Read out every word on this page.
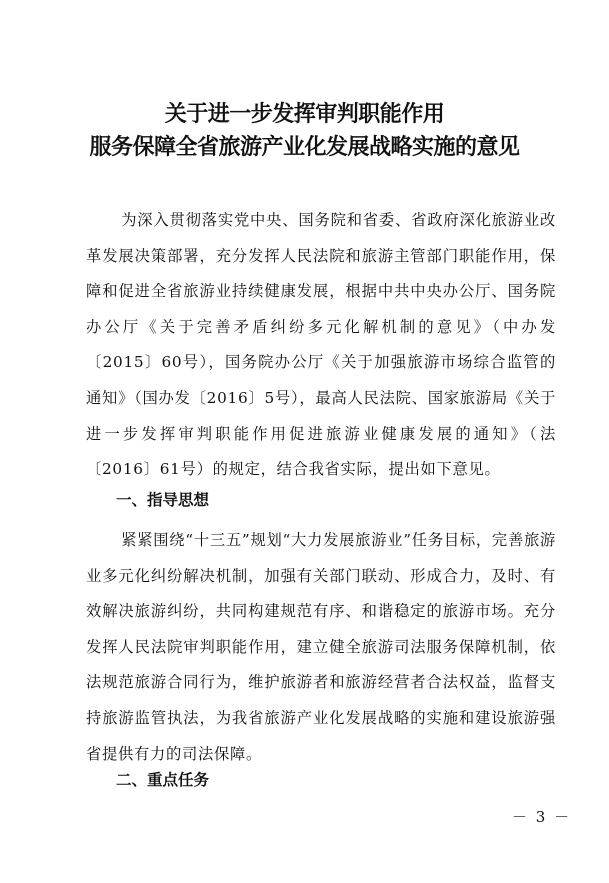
关于进一步发挥审判职能作用
服务保障全省旅游产业化发展战略实施的意见

为深入贯彻落实党中央、国务院和省委、省政府深化旅游业改革发展决策部署，充分发挥人民法院和旅游主管部门职能作用，保障和促进全省旅游业持续健康发展，根据中共中央办公厅、国务院办公厅《关于完善矛盾纠纷多元化解机制的意见》（中办发〔2015〕60号），国务院办公厅《关于加强旅游市场综合监管的通知》（国办发〔2016〕5号），最高人民法院、国家旅游局《关于进一步发挥审判职能作用促进旅游业健康发展的通知》（法〔2016〕61号）的规定，结合我省实际，提出如下意见。

一、指导思想

紧紧围绕“十三五”规划“大力发展旅游业”任务目标，完善旅游业多元化纠纷解决机制，加强有关部门联动、形成合力，及时、有效解决旅游纠纷，共同构建规范有序、和谐稳定的旅游市场。充分发挥人民法院审判职能作用，建立健全旅游司法服务保障机制，依法规范旅游合同行为，维护旅游者和旅游经营者合法权益，监督支持旅游监管执法，为我省旅游产业化发展战略的实施和建设旅游强省提供有力的司法保障。

二、重点任务
－ 3 －
